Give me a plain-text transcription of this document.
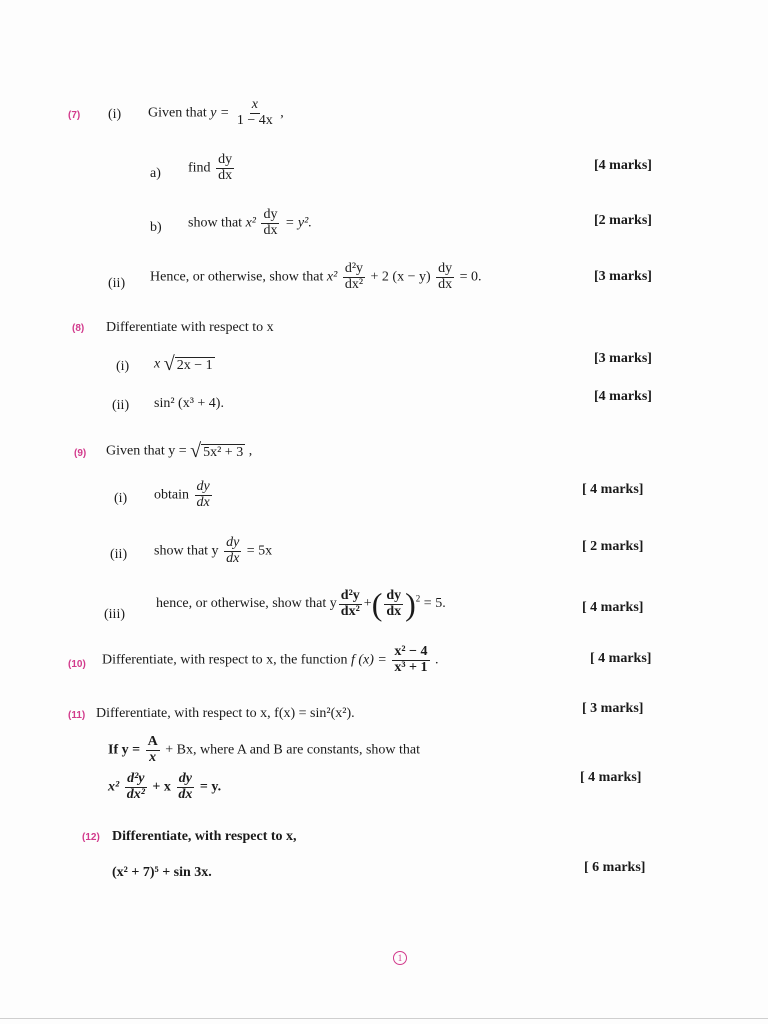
(7) (i) Given that $y = \frac{x}{1 - 4x}$ ,
a) find $\frac{dy}{dx}$	[4 marks]
b) show that $x^2 \frac{dy}{dx} = y^2$.	[2 marks]
(ii) Hence, or otherwise, show that $x^2 \frac{\text{d²y}}{\text{dx²}} + 2$ $(x - y) \frac{dy}{dx} = 0$.	[3 marks]
(8) Differentiate with respect to x
(i) x √ 2x − 1	[3 marks]
(ii) sin² (x³ + 4).	[4 marks]
(9) Given that y = √ 5x² + 3 ,
(i) obtain $\frac{dy}{dx}$	[ 4 marks]
(ii) show that y $\frac{dy}{dx} = 5x$	[ 2 marks]
(iii)
hence, or otherwise, show that y $\frac{\text{d²y}}{\text{dx²}}$ +( $\frac{dy}{dx} )^2 = 5$.	[ 4 marks]
(10) Differentiate, with respect to x, the function f $(x) = \frac{\text{x² − 4}}{\text{x³ + 1}}$ .	[ 4 marks]
(11) Differentiate, with respect to x, f(x) = sin²(x²).	[ 3 marks]
If $y = \frac{A}{x} + Bx$, where A and B are constants, show that
$x^2 \frac{\text{d²y}}{\text{dx²}} + x \frac{dy}{dx} = y$.
[ 4 marks]
(12) Differentiate, with respect to x,
(x² + 7)⁵ + sin 3x.	[ 6 marks]
1
